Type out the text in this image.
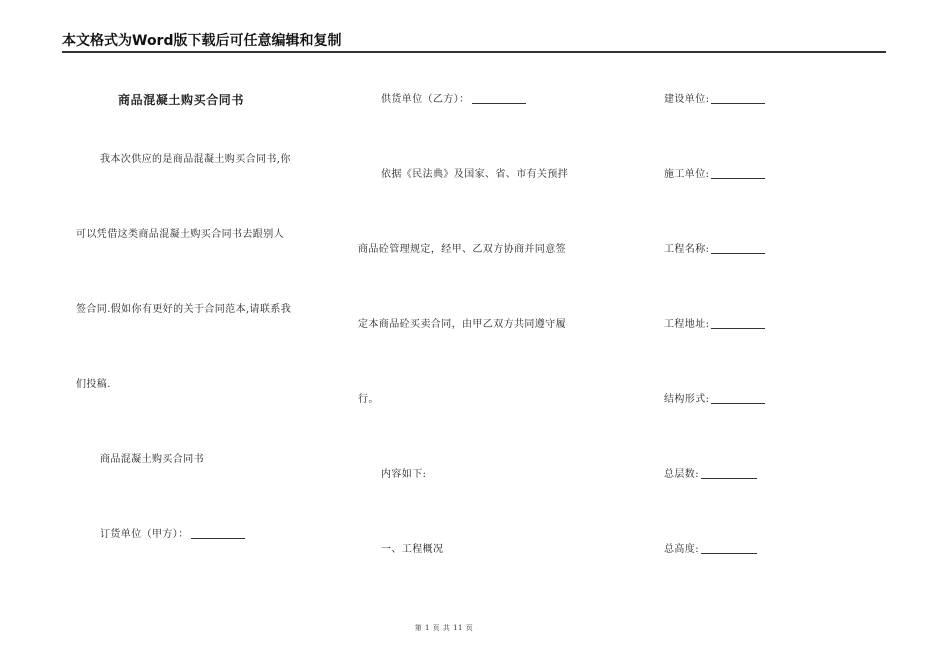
本文格式为Word版下载后可任意编辑和复制
商品混凝土购买合同书
我本次供应的是商品混凝土购买合同书,你
可以凭借这类商品混凝土购买合同书去跟别人
签合同.假如你有更好的关于合同范本,请联系我
们投稿.
商品混凝土购买合同书
订货单位（甲方）：
供货单位（乙方）：
依据《民法典》及国家、省、市有关预拌
商品砼管理规定，经甲、乙双方协商并同意签
定本商品砼买卖合同，由甲乙双方共同遵守履
行。
内容如下:
一、工程概况
建设单位:
施工单位:
工程名称:
工程地址:
结构形式:
总层数:
总高度:
第 1 页 共 11 页
